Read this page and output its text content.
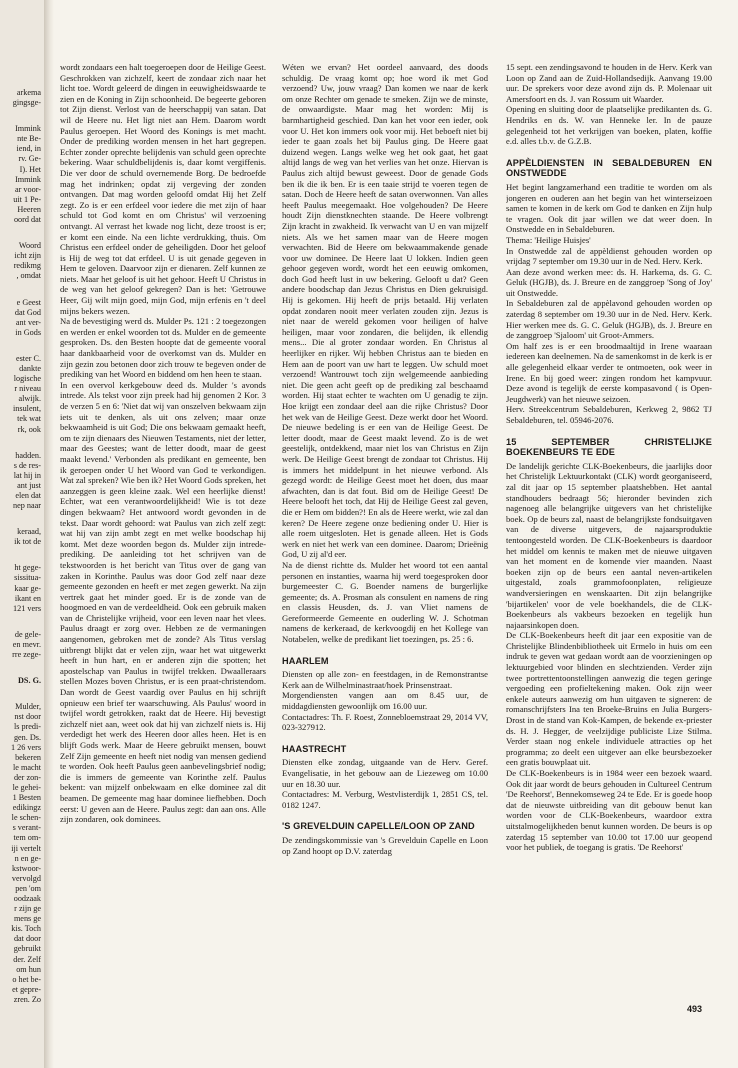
arkema

gingsge-

Immink

nte Be-

iend, in

rv. Ge-

I). Het

Immink

ar voor-

uit 1 Pe-

Heeren

oord dat

Woord

icht zijn

redikmg

, omdat

e Geest

dat God

ant ver-

in Gods

ester C.

dankte

logische

r niveau

alwijk.

insulent,

tek wat

rk, ook

hadden.

s de res-

lat hij in

ant just

elen dat

nep naar

keraad,

ik tot de

ht gege-

sissitua-

kaar ge-

ikant en

121 vers

de gele-

en mevr.

rre zege-

DS. G.

Mulder,

nst door

ls predi-

gen. Ds.

1 26 vers

bekeren

le macht

der zon-

le gehei-

1 Besten

edikingz

le schen-

s verant-

tem om-

iji vertelt

n en ge-

kstwoor-

vervolgd

pen 'om

oodzaak

r zijn ge

mens ge

kis. Toch

dat door

gebruikt

der. Zelf

om hun

o het be-

et gepre-

zren. Zo

wordt zondaars een halt toegeroepen door de Heilige Geest. Geschrokken van zichzelf, keert de zondaar zich naar het licht toe. Wordt geleerd de dingen in eeuwigheidswaarde te zien en de Koning in Zijn schoonheid. De begeerte geboren tot Zijn dienst. Verlost van de heerschappij van satan. Dat wil de Heere nu. Het ligt niet aan Hem. Daarom wordt Paulus geroepen. Het Woord des Konings is met macht. Onder de prediking worden mensen in het hart gegrepen. Echter zonder oprechte belijdenis van schuld geen oprechte bekering. Waar schuldbelijdenis is, daar komt vergiffenis. Die ver door de schuld overnemende Borg. De bedroefde mag het indrinken; opdat zij vergeving der zonden ontvangen. Dat mag worden geloofd omdat Hij het Zelf zegt. Zo is er een erfdeel voor iedere die met zijn of haar schuld tot God komt en om Christus' wil verzoening ontvangt. Al verrast het kwade nog licht, deze troost is er; er komt een einde. Na een lichte verdrukking, thuis. Om Christus een erfdeel onder de geheiligden. Door het geloof is Hij de weg tot dat erfdeel. U is uit genade gegeven in Hem te geloven. Daarvoor zijn er dienaren. Zelf kunnen ze niets. Maar het geloof is uit het gehoor. Heeft U Christus in de weg van het geloof gekregen? Dan is het: 'Getrouwe Heer, Gij wilt mijn goed, mijn God, mijn erfenis en 't deel mijns bekers wezen.

Na de bevestiging werd ds. Mulder Ps. 121 : 2 toegezongen en werden er enkel woorden tot ds. Mulder en de gemeente gesproken. Ds. den Besten hoopte dat de gemeente vooral haar dankbaarheid voor de overkomst van ds. Mulder en zijn gezin zou betonen door zich trouw te begeven onder de prediking van het Woord en biddend om hen heen te staan.

In een overvol kerkgebouw deed ds. Mulder 's avonds intrede. Als tekst voor zijn preek had hij genomen 2 Kor. 3 de verzen 5 en 6: 'Niet dat wij van onszelven bekwaam zijn iets uit te denken, als uit ons zelven; maar onze bekwaamheid is uit God; Die ons bekwaam gemaakt heeft, om te zijn dienaars des Nieuwen Testaments, niet der letter, maar des Geestes; want de letter doodt, maar de geest maakt levend.' Verbonden als predikant en gemeente, ben ik geroepen onder U het Woord van God te verkondigen. Wat zal spreken? Wie ben ik? Het Woord Gods spreken, het aanzeggen is geen kleine zaak. Wel een heerlijke dienst! Echter, wat een verantwoordelijkheid! Wie is tot deze dingen bekwaam? Het antwoord wordt gevonden in de tekst. Daar wordt gehoord: wat Paulus van zich zelf zegt: wat hij van zijn ambt zegt en met welke boodschap hij komt. Met deze woorden begon ds. Mulder zijn intrede-prediking. De aanleiding tot het schrijven van de tekstwoorden is het bericht van Titus over de gang van zaken in Korinthe. Paulus was door God zelf naar deze gemeente gezonden en heeft er met zegen gewerkt. Na zijn vertrek gaat het minder goed. Er is de zonde van de hoogmoed en van de verdeeldheid. Ook een gebruik maken van de Christelijke vrijheid, voor een leven naar het vlees. Paulus draagt er zorg over. Hebben ze de vermaningen aangenomen, gebroken met de zonde? Als Titus verslag uitbrengt blijkt dat er velen zijn, waar het wat uitgewerkt heeft in hun hart, en er anderen zijn die spotten; het apostelschap van Paulus in twijfel trekken. Dwaalleraars stellen Mozes boven Christus, er is een praat-christendom. Dan wordt de Geest vaardig over Paulus en hij schrijft opnieuw een brief ter waarschuwing. Als Paulus' woord in twijfel wordt getrokken, raakt dat de Heere. Hij bevestigt zichzelf niet aan, weet ook dat hij van zichzelf niets is. Hij verdedigt het werk des Heeren door alles heen. Het is en blijft Gods werk. Maar de Heere gebruikt mensen, bouwt Zelf Zijn gemeente en heeft niet nodig van mensen gediend te worden. Ook heeft Paulus geen aanbevelingsbrief nodig; die is immers de gemeente van Korinthe zelf. Paulus bekent: van mijzelf onbekwaam en elke dominee zal dit beamen. De gemeente mag haar dominee liefhebben. Doch eerst: U geven aan de Heere. Paulus zegt: dan aan ons. Alle zijn zondaren, ook dominees.

Wéten we ervan? Het oordeel aanvaard, des doods schuldig. De vraag komt op; hoe word ik met God verzoend? Uw, jouw vraag? Dan komen we naar de kerk om onze Rechter om genade te smeken. Zijn we de minste, de onwaardigste. Maar mag het worden: Mij is barmhartigheid geschied. Dan kan het voor een ieder, ook voor U. Het kon immers ook voor mij. Het beboeft niet bij ieder te gaan zoals het bij Paulus ging. De Heere gaat duizend wegen. Langs welke weg het ook gaat, het gaat altijd langs de weg van het verlies van het onze. Hiervan is Paulus zich altijd bewust geweest. Door de genade Gods ben ik die ik ben. Er is een taaie strijd te voeren tegen de satan. Doch de Heere heeft de satan overwonnen. Van alles heeft Paulus meegemaakt. Hoe volgehouden? De Heere houdt Zijn dienstknechten staande. De Heere volbrengt Zijn kracht in zwakheid. Ik verwacht van U en van mijzelf niets. Als we het samen maar van de Heere mogen verwachten. Bid de Heere om bekwaammakende genade voor uw dominee. De Heere laat U lokken. Indien geen gehoor gegeven wordt, wordt het een eeuwig omkomen, doch God heeft lust in uw bekering. Gelooft u dat? Geen andere boodschap dan Jezus Christus en Dien gekruisigd. Hij is gekomen. Hij heeft de prijs betaald. Hij verlaten opdat zondaren nooit meer verlaten zouden zijn. Jezus is niet naar de wereld gekomen voor heiligen of halve heiligen, maar voor zondaren, die belijden, ik ellendig mens... Die al groter zondaar worden. En Christus al heerlijker en rijker. Wij hebben Christus aan te bieden en Hem aan de poort van uw hart te leggen. Uw schuld moet verzoend! Wantrouwt toch zijn welgemeende aanbieding niet. Die geen acht geeft op de prediking zal beschaamd worden. Hij staat echter te wachten om U genadig te zijn. Hoe krijgt een zondaar deel aan die rijke Christus? Door het wek van de Heilige Geest. Deze werkt door het Woord. De nieuwe bedeling is er een van de Heilige Geest. De letter doodt, maar de Geest maakt levend. Zo is de wet geestelijk, ontdekkend, maar niet los van Christus en Zijn werk. De Heilige Geest brengt de zondaar tot Christus. Hij is immers het middelpunt in het nieuwe verbond. Als gezegd wordt: de Heilige Geest moet het doen, dus maar afwachten, dan is dat fout. Bid om de Heilige Geest! De Heere belooft het toch, dat Hij de Heilige Geest zal geven, die er Hem om bidden?! En als de Heere werkt, wie zal dan keren? De Heere zegene onze bediening onder U. Hier is alle roem uitgesloten. Het is genade alleen. Het is Gods werk en niet het werk van een dominee. Daarom; Drieënig God, U zij al'd eer.

Na de dienst richtte ds. Mulder het woord tot een aantal personen en instanties, waarna hij werd toegesproken door burgemeester C. G. Boender namens de burgerlijke gemeente; ds. A. Prosman als consulent en namens de ring en classis Heusden, ds. J. van Vliet namens de Gereformeerde Gemeente en ouderling W. J. Schotman namens de kerkeraad, de kerkvoogdij en het Kollege van Notabelen, welke de predikant liet toezingen, ps. 25 : 6.

HAARLEM

Diensten op alle zon- en feestdagen, in de Remonstrantse Kerk aan de Wilhelminastraat/hoek Prinsenstraat.

Morgendiensten vangen aan om 8.45 uur, de middagdiensten gewoonlijk om 16.00 uur.

Contactadres: Th. F. Roest, Zonnebloemstraat 29, 2014 VV, 023-327912.

HAASTRECHT

Diensten elke zondag, uitgaande van de Herv. Geref. Evangelisatie, in het gebouw aan de Liezeweg om 10.00 uur en 18.30 uur.

Contactadres: M. Verburg, Westvlisterdijk 1, 2851 CS, tel. 0182 1247.

'S GREVELDUIN CAPELLE/LOON OP ZAND

De zendingskommissie van 's Grevelduin Capelle en Loon op Zand hoopt op D.V. zaterdag

15 sept. een zendingsavond te houden in de Herv. Kerk van Loon op Zand aan de Zuid-Hollandsedijk. Aanvang 19.00 uur. De sprekers voor deze avond zijn ds. P. Molenaar uit Amersfoort en ds. J. van Rossum uit Waarder.

Opening en sluiting door de plaatselijke predikanten ds. G. Hendriks en ds. W. van Henneke ler. In de pauze gelegenheid tot het verkrijgen van boeken, platen, koffie e.d. alles t.b.v. de G.Z.B.

APPÈLDIENSTEN IN SEBALDEBUREN EN ONSTWEDDE

Het begint langzamerhand een traditie te worden om als jongeren en ouderen aan het begin van het winterseizoen samen te komen in de kerk om God te danken en Zijn hulp te vragen. Ook dit jaar willen we dat weer doen. In Onstwedde en in Sebaldeburen.

Thema: 'Heilige Huisjes'

In Onstwedde zal de appèldienst gehouden worden op vrijdag 7 september om 19.30 uur in de Ned. Herv. Kerk.

Aan deze avond werken mee: ds. H. Harkema, ds. G. C. Geluk (HGJB), ds. J. Breure en de zanggroep 'Song of Joy' uit Onstwedde.

In Sebaldeburen zal de appèlavond gehouden worden op zaterdag 8 september om 19.30 uur in de Ned. Herv. Kerk. Hier werken mee ds. G. C. Geluk (HGJB), ds. J. Breure en de zanggroep 'Sjaloom' uit Groot-Ammers.

Om half zes is er een broodmaaltijd in Irene waaraan iedereen kan deelnemen. Na de samenkomst in de kerk is er alle gelegenheid elkaar verder te ontmoeten, ook weer in Irene. En bij goed weer: zingen rondom het kampvuur. Deze avond is tegelijk de eerste kompasavond ( is Open-Jeugdwerk) van het nieuwe seizoen.

Herv. Streekcentrum Sebaldeburen, Kerkweg 2, 9862 TJ Sebaldeburen, tel. 05946-2076.

15 SEPTEMBER CHRISTELIJKE BOEKENBEURS TE EDE

De landelijk gerichte CLK-Boekenbeurs, die jaarlijks door het Christelijk Lektuurkontakt (CLK) wordt georganiseerd, zal dit jaar op 15 september plaatshebben. Het aantal standhouders bedraagt 56; hieronder bevinden zich nagenoeg alle belangrijke uitgevers van het christelijke boek. Op de beurs zal, naast de belangrijkste fondsuitgaven van de diverse uitgevers, de najaarsproduktie tentoongesteld worden. De CLK-Boekenbeurs is daardoor het middel om kennis te maken met de nieuwe uitgaven van het moment en de komende vier maanden. Naast boeken zijn op de beurs een aantal neven-artikelen uitgestald, zoals grammofoonplaten, religieuze wandversieringen en wenskaarten. Dit zijn belangrijke 'bijartikelen' voor de vele boekhandels, die de CLK-Boekenbeurs als vakbeurs bezoeken en tegelijk hun najaarsinkopen doen.

De CLK-Boekenbeurs heeft dit jaar een expositie van de Christelijke Blindenbibliotheek uit Ermelo in huis om een indruk te geven wat gedaan wordt aan de voorzieningen op lektuurgebied voor blinden en slechtzienden. Verder zijn twee portrettentoonstellingen aanwezig die tegen geringe vergoeding een profieltekening maken. Ook zijn weer enkele auteurs aanwezig om hun uitgaven te signeren: de romanschrijfsters Ina ten Broeke-Bruins en Julia Burgers-Drost in de stand van Kok-Kampen, de bekende ex-priester ds. H. J. Hegger, de veelzijdige publiciste Lize Stilma. Verder staan nog enkele individuele attracties op het programma; zo deelt een uitgever aan elke beursbezoeker een gratis bouwplaat uit.

De CLK-Boekenbeurs is in 1984 weer een bezoek waard. Ook dit jaar wordt de beurs gehouden in Cultureel Centrum 'De Reehorst', Bennekomseweg 24 te Ede. Er is goede hoop dat de nieuwste uitbreiding van dit gebouw benut kan worden voor de CLK-Boekenbeurs, waardoor extra uitstalmogelijkheden benut kunnen worden. De beurs is op zaterdag 15 september van 10.00 tot 17.00 uur geopend voor het publiek, de toegang is gratis. 'De Reehorst'

493
